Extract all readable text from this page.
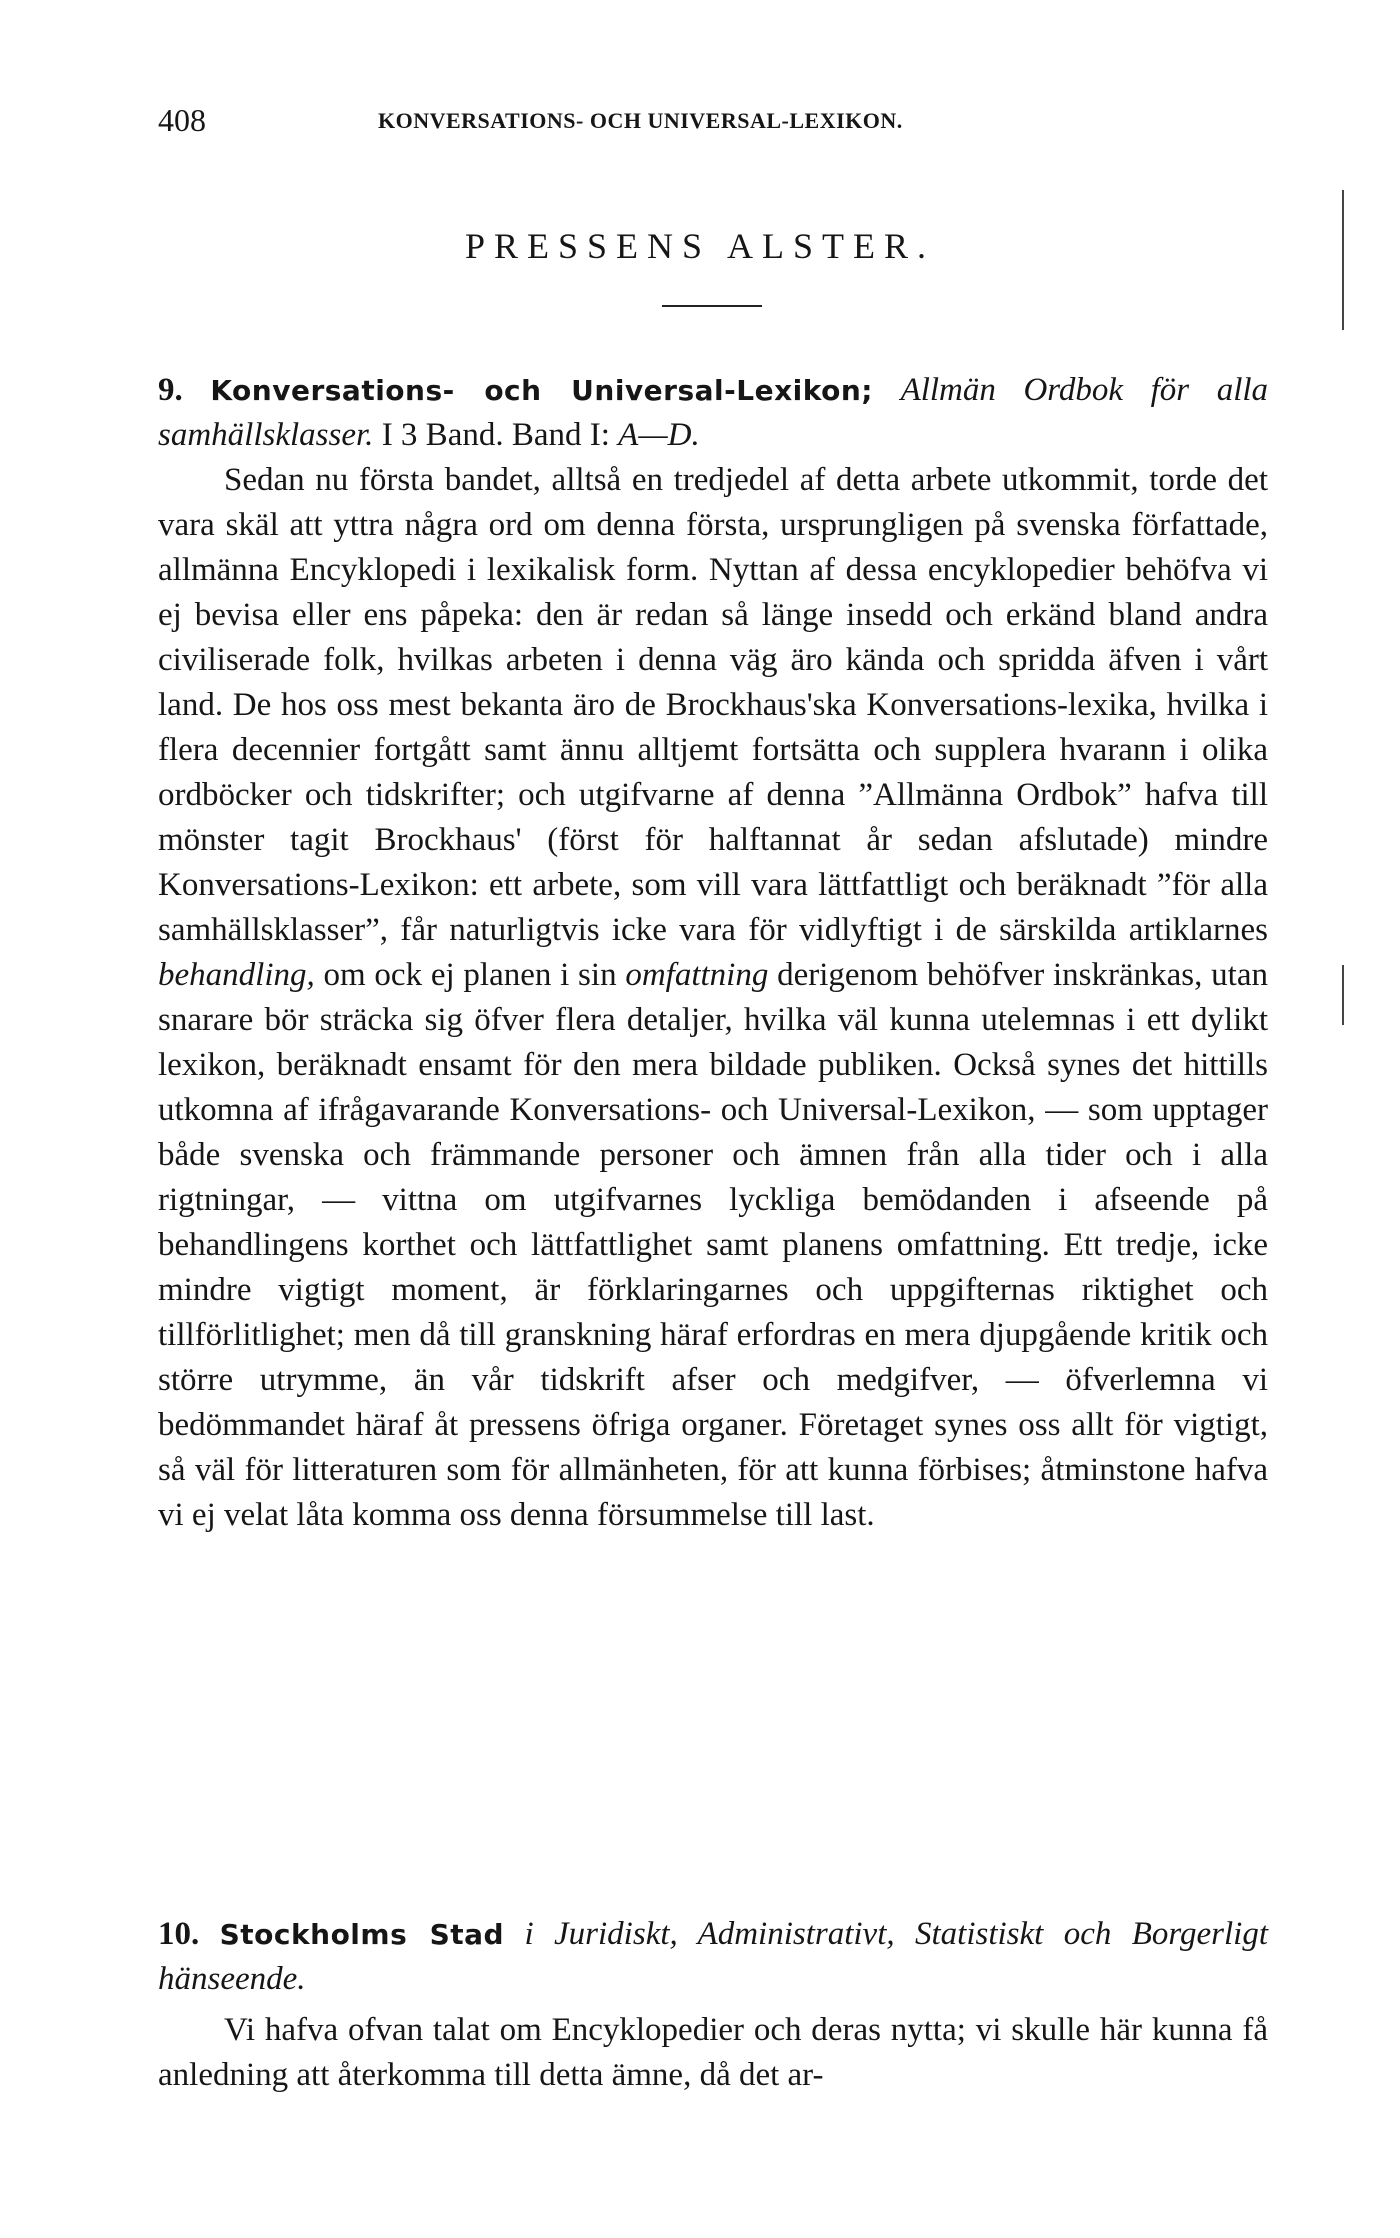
408	KONVERSATIONS- OCH UNIVERSAL-LEXIKON.
PRESSENS ALSTER.

9. Konversations- och Universal-Lexikon; Allmän Ordbok för alla samhällsklasser. I 3 Band. Band I: A—D.

Sedan nu första bandet, alltså en tredjedel af detta arbete utkommit, torde det vara skäl att yttra några ord om denna första, ursprungligen på svenska författade, allmänna Encyklopedi i lexikalisk form. Nyttan af dessa encyklopedier behöfva vi ej bevisa eller ens påpeka: den är redan så länge insedd och erkänd bland andra civiliserade folk, hvilkas arbeten i denna väg äro kända och spridda äfven i vårt land. De hos oss mest bekanta äro de Brockhaus'ska Konversations-lexika, hvilka i flera decennier fortgått samt ännu alltjemt fortsätta och supplera hvarann i olika ordböcker och tidskrifter; och utgifvarne af denna ”Allmänna Ordbok” hafva till mönster tagit Brockhaus' (först för halftannat år sedan afslutade) mindre Konversations-Lexikon: ett arbete, som vill vara lättfattligt och beräknadt ”för alla samhällsklasser”, får naturligtvis icke vara för vidlyftigt i de särskilda artiklarnes behandling, om ock ej planen i sin omfattning derigenom behöfver inskränkas, utan snarare bör sträcka sig öfver flera detaljer, hvilka väl kunna utelemnas i ett dylikt lexikon, beräknadt ensamt för den mera bildade publiken. Också synes det hittills utkomna af ifrågavarande Konversations- och Universal-Lexikon, — som upptager både svenska och främmande personer och ämnen från alla tider och i alla rigtningar, — vittna om utgifvarnes lyckliga bemödanden i afseende på behandlingens korthet och lättfattlighet samt planens omfattning. Ett tredje, icke mindre vigtigt moment, är förklaringarnes och uppgifternas riktighet och tillförlitlighet; men då till granskning häraf erfordras en mera djupgående kritik och större utrymme, än vår tidskrift afser och medgifver, — öfverlemna vi bedömmandet häraf åt pressens öfriga organer. Företaget synes oss allt för vigtigt, så väl för litteraturen som för allmänheten, för att kunna förbises; åtminstone hafva vi ej velat låta komma oss denna försummelse till last.

10. Stockholms Stad i Juridiskt, Administrativt, Statistiskt och Borgerligt hänseende.

Vi hafva ofvan talat om Encyklopedier och deras nytta; vi skulle här kunna få anledning att återkomma till detta ämne, då det ar-
